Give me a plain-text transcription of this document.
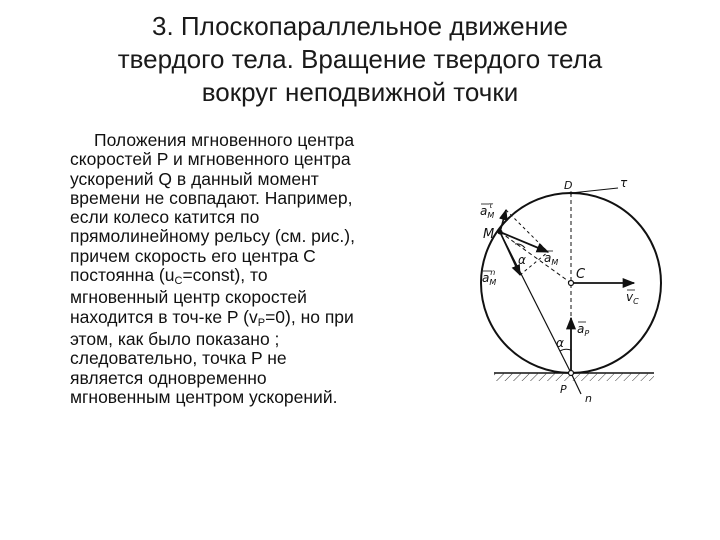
3. Плоскопараллельное движение
твердого тела. Вращение твердого тела
вокруг неподвижной точки
Положения мгновенного центра
скоростей P и мгновенного центра
ускорений Q в данный момент
времени не совпадают. Например,
если колесо катится по
прямолинейному рельсу (см. рис.),
причем скорость его центра С
постоянна (uC=const), то
мгновенный центр скоростей
находится в точ-ке P (vP=0), но при
этом, как было показано ;
следовательно, точка P не
является одновременно
мгновенным центром ускорений.
D	τ
M
C
P
n
α
α
$a_M\tau$
$a_Mn$
$a_M$
$a_P$
$v_C$
